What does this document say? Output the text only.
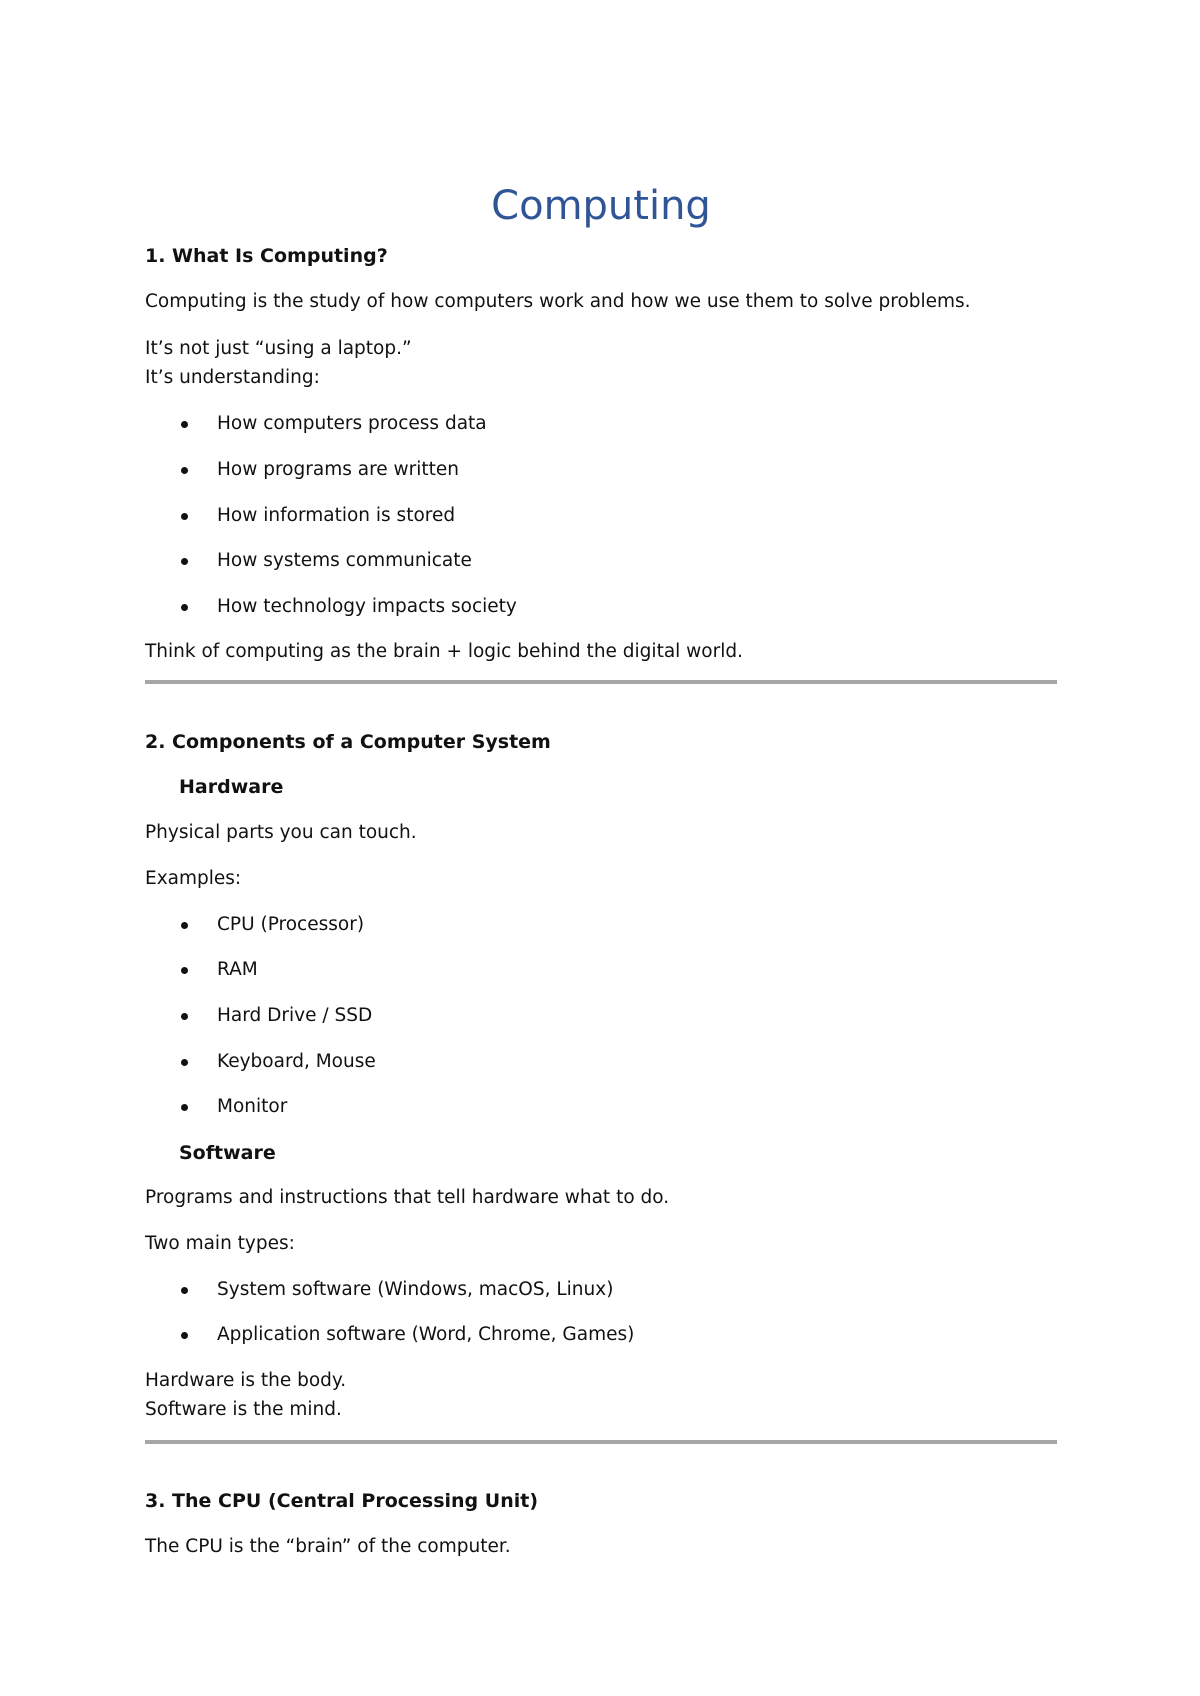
Computing

1. What Is Computing?

Computing is the study of how computers work and how we use them to solve problems.

It’s not just “using a laptop.”

It’s understanding:

How computers process data
How programs are written
How information is stored
How systems communicate
How technology impacts society

Think of computing as the brain + logic behind the digital world.

2. Components of a Computer System

Hardware

Physical parts you can touch.

Examples:

CPU (Processor)
RAM
Hard Drive / SSD
Keyboard, Mouse
Monitor

Software

Programs and instructions that tell hardware what to do.

Two main types:

System software (Windows, macOS, Linux)
Application software (Word, Chrome, Games)

Hardware is the body.

Software is the mind.

3. The CPU (Central Processing Unit)

The CPU is the “brain” of the computer.
